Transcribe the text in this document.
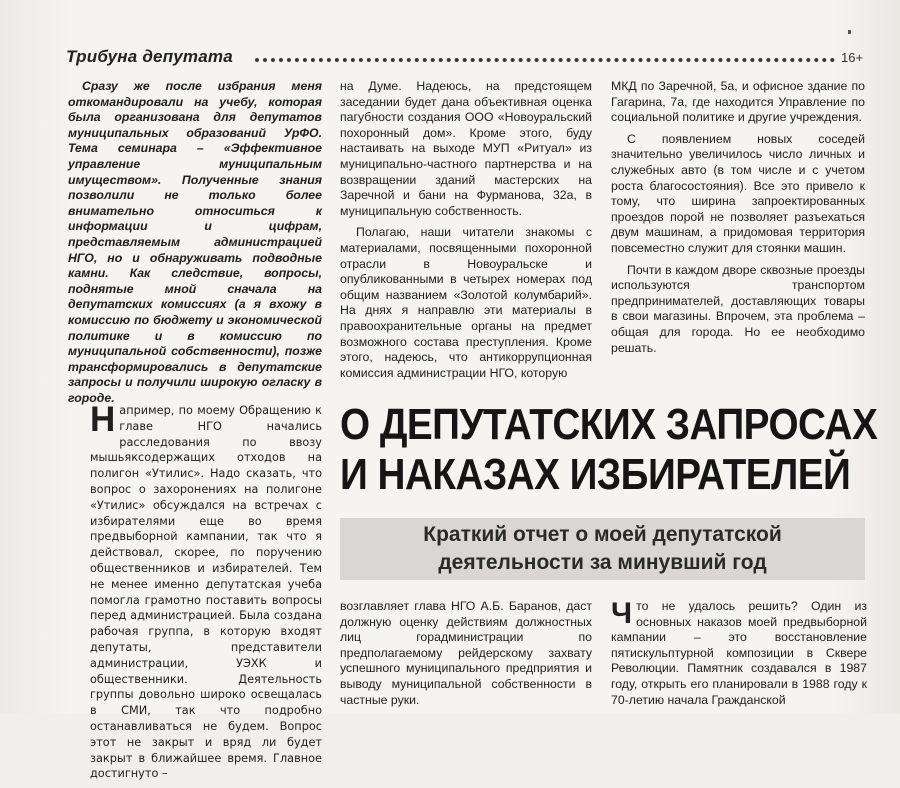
Трибуна депутата	16+

Сразу же после избрания меня откомандировали на учебу, которая была организована для депутатов муниципальных образований УрФО. Тема семинара – «Эффективное управление муниципальным имуществом». Полученные знания позволили не только более внимательно относиться к информации и цифрам, представляемым администрацией НГО, но и обнаруживать подводные камни. Как следствие, вопросы, поднятые мной сначала на депутатских комиссиях (а я вхожу в комиссию по бюджету и экономической политике и в комиссию по муниципальной собственности), позже трансформировались в депутатские запросы и получили широкую огласку в городе.

на Думе. Надеюсь, на предстоящем заседании будет дана объективная оценка пагубности создания ООО «Новоуральский похоронный дом». Кроме этого, буду настаивать на выходе МУП «Ритуал» из муниципально-частного партнерства и на возвращении зданий мастерских на Заречной и бани на Фурманова, 32а, в муниципальную собственность.

Полагаю, наши читатели знакомы с материалами, посвященными похоронной отрасли в Новоуральске и опубликованными в четырех номерах под общим названием «Золотой колумбарий». На днях я направлю эти материалы в правоохранительные органы на предмет возможного состава преступления. Кроме этого, надеюсь, что антикоррупционная комиссия администрации НГО, которую

МКД по Заречной, 5а, и офисное здание по Гагарина, 7а, где находится Управление по социальной политике и другие учреждения.

С появлением новых соседей значительно увеличилось число личных и служебных авто (в том числе и с учетом роста благосостояния). Все это привело к тому, что ширина запроектированных проездов порой не позволяет разъехаться двум машинам, а придомовая территория повсеместно служит для стоянки машин.

Почти в каждом дворе сквозные проезды используются транспортом предпринимателей, доставляющих товары в свои магазины. Впрочем, эта проблема – общая для города. Но ее необходимо решать.

Например, по моему Обращению к главе НГО начались расследования по ввозу мышьяксодержащих отходов на полигон «Утилис». Надо сказать, что вопрос о захоронениях на полигоне «Утилис» обсуждался на встречах с избирателями еще во время предвыборной кампании, так что я действовал, скорее, по поручению общественников и избирателей. Тем не менее именно депутатская учеба помогла грамотно поставить вопросы перед администрацией. Была создана рабочая группа, в которую входят депутаты, представители администрации, УЭХК и общественники. Деятельность группы довольно широко освещалась в СМИ, так что подробно останавливаться не будем. Вопрос этот не закрыт и вряд ли будет закрыт в ближайшее время. Главное достигнуто –

О ДЕПУТАТСКИХ ЗАПРОСАХ
И НАКАЗАХ ИЗБИРАТЕЛЕЙ
Краткий отчет о моей депутатской
деятельности за минувший год

возглавляет глава НГО А.Б. Баранов, даст должную оценку действиям должностных лиц горадминистрации по предполагаемому рейдерскому захвату успешного муниципального предприятия и выводу муниципальной собственности в частные руки.

Что не удалось решить? Один из основных наказов моей предвыборной кампании – это восстановление пятискульптурной композиции в Сквере Революции. Памятник создавался в 1987 году, открыть его планировали в 1988 году к 70-летию начала Гражданской
